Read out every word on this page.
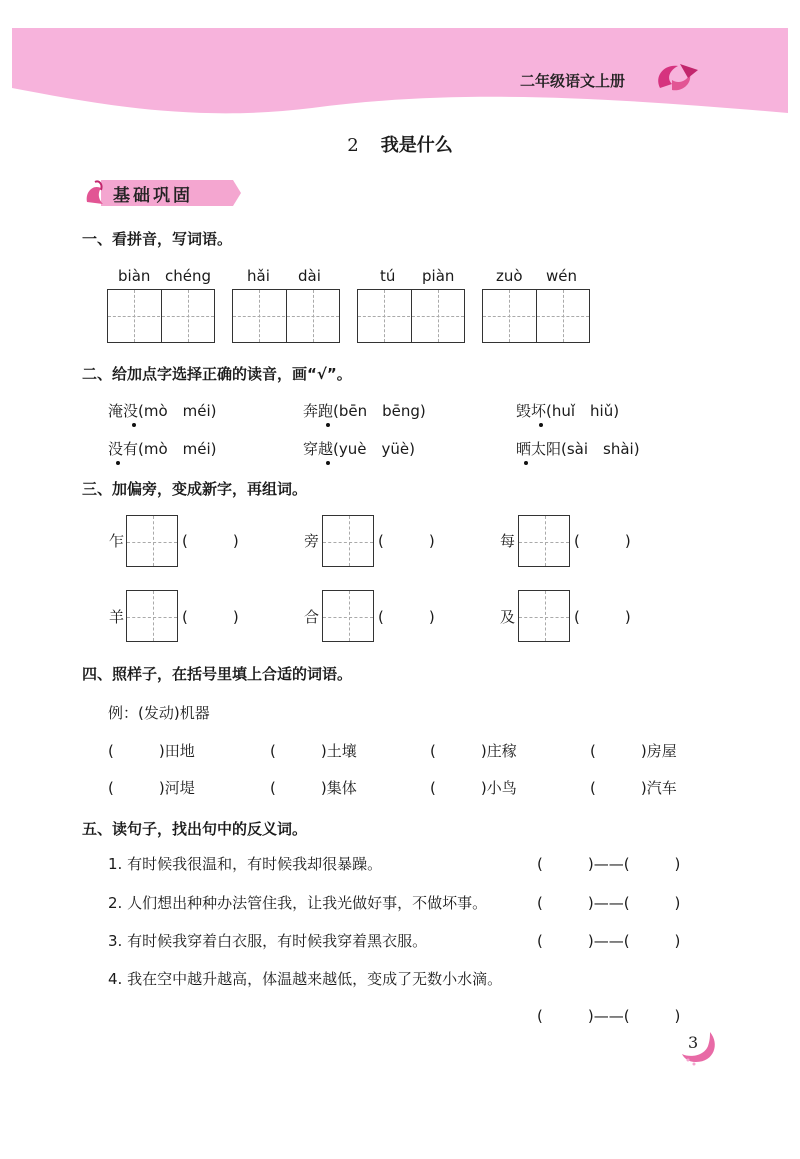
二年级语文上册
2 我是什么
基础巩固
一、看拼音，写词语。
biàn chéng hǎi dài	tú piàn	zuò wén
二、给加点字选择正确的读音，画“√”。
淹没(mò　méi)	奔跑(bēn　bēng)	毁坏(huǐ　hiǔ)
没有(mò　méi)	穿越(yuè　yüè)	晒太阳(sài　shài)
三、加偏旁，变成新字，再组词。
乍	(　　　)	旁	(　　　)	每	(　　　)
羊	(　　　)	合	(　　　)	及	(　　　)
四、照样子，在括号里填上合适的词语。
例：(发动)机器
(　　　)田地	(　　　)土壤	(　　　)庄稼	(　　　)房屋
(　　　)河堤	(　　　)集体	(　　　)小鸟	(　　　)汽车
五、读句子，找出句中的反义词。
1. 有时候我很温和，有时候我却很暴躁。	(　　　)——(　　　)
2. 人们想出种种办法管住我，让我光做好事，不做坏事。	(　　　)——(　　　)
3. 有时候我穿着白衣服，有时候我穿着黑衣服。	(　　　)——(　　　)
4. 我在空中越升越高，体温越来越低，变成了无数小水滴。
(　　　)——(　　　)
3
